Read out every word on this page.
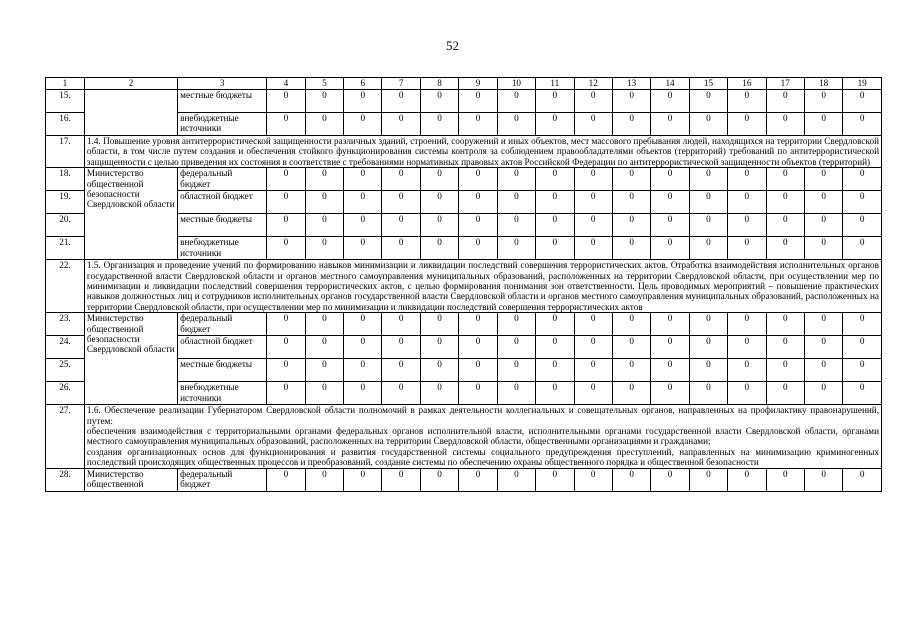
52
1	2	3	4	5	6	7	8	9	10	11	12	13	14	15	16	17	18	19
15.		местные бюджеты	0	0	0	0	0	0	0	0	0	0	0	0	0	0	0	0
16.		внебюджетные источники	0	0	0	0	0	0	0	0	0	0	0	0	0	0	0	0
17.	1.4. Повышение уровня антитеррористической защищенности различных зданий, строений, сооружений и иных объектов, мест массового пребывания людей, находящихся на территории Свердловской области, в том числе путем создания и обеспечения стойкого функционирования системы контроля за соблюдением правообладателями объектов (территорий) требований по антитеррористической защищенности с целью приведения их состояния в соответствие с требованиями нормативных правовых актов Российской Федерации по антитеррористической защищенности объектов (территорий)																	
18.	Министерство общественной безопасности Свердловской области	федеральный бюджет	0	0	0	0	0	0	0	0	0	0	0	0	0	0	0	0
19.		областной бюджет	0	0	0	0	0	0	0	0	0	0	0	0	0	0	0	0
20.		местные бюджеты	0	0	0	0	0	0	0	0	0	0	0	0	0	0	0	0
21.		внебюджетные источники	0	0	0	0	0	0	0	0	0	0	0	0	0	0	0	0
22.	1.5. Организация и проведение учений по формированию навыков минимизации и ликвидации последствий совершения террористических актов. Отработка взаимодействия исполнительных органов государственной власти Свердловской области и органов местного самоуправления муниципальных образований, расположенных на территории Свердловской области, при осуществлении мер по минимизации и ликвидации последствий совершения террористических актов, с целью формирования понимания зон ответственности. Цель проводимых мероприятий – повышение практических навыков должностных лиц и сотрудников исполнительных органов государственной власти Свердловской области и органов местного самоуправления муниципальных образований, расположенных на территории Свердловской области, при осуществлении мер по минимизации и ликвидации последствий совершения террористических актов																	
23.	Министерство общественной безопасности Свердловской области	федеральный бюджет	0	0	0	0	0	0	0	0	0	0	0	0	0	0	0	0
24.		областной бюджет	0	0	0	0	0	0	0	0	0	0	0	0	0	0	0	0
25.		местные бюджеты	0	0	0	0	0	0	0	0	0	0	0	0	0	0	0	0
26.		внебюджетные источники	0	0	0	0	0	0	0	0	0	0	0	0	0	0	0	0
27.	1.6. Обеспечение реализации Губернатором Свердловской области полномочий в рамках деятельности коллегиальных и совещательных органов, направленных на профилактику правонарушений, путем:
обеспечения взаимодействия с территориальными органами федеральных органов исполнительной власти, исполнительными органами государственной власти Свердловской области, органами местного самоуправления муниципальных образований, расположенных на территории Свердловской области, общественными организациями и гражданами;
создания организационных основ для функционирования и развития государственной системы социального предупреждения преступлений, направленных на минимизацию криминогенных последствий происходящих общественных процессов и преобразований, создание системы по обеспечению охраны общественного порядка и общественной безопасности																	

28.	Министерство общественной	федеральный бюджет	0	0	0	0	0	0	0	0	0	0	0	0	0	0	0	0
